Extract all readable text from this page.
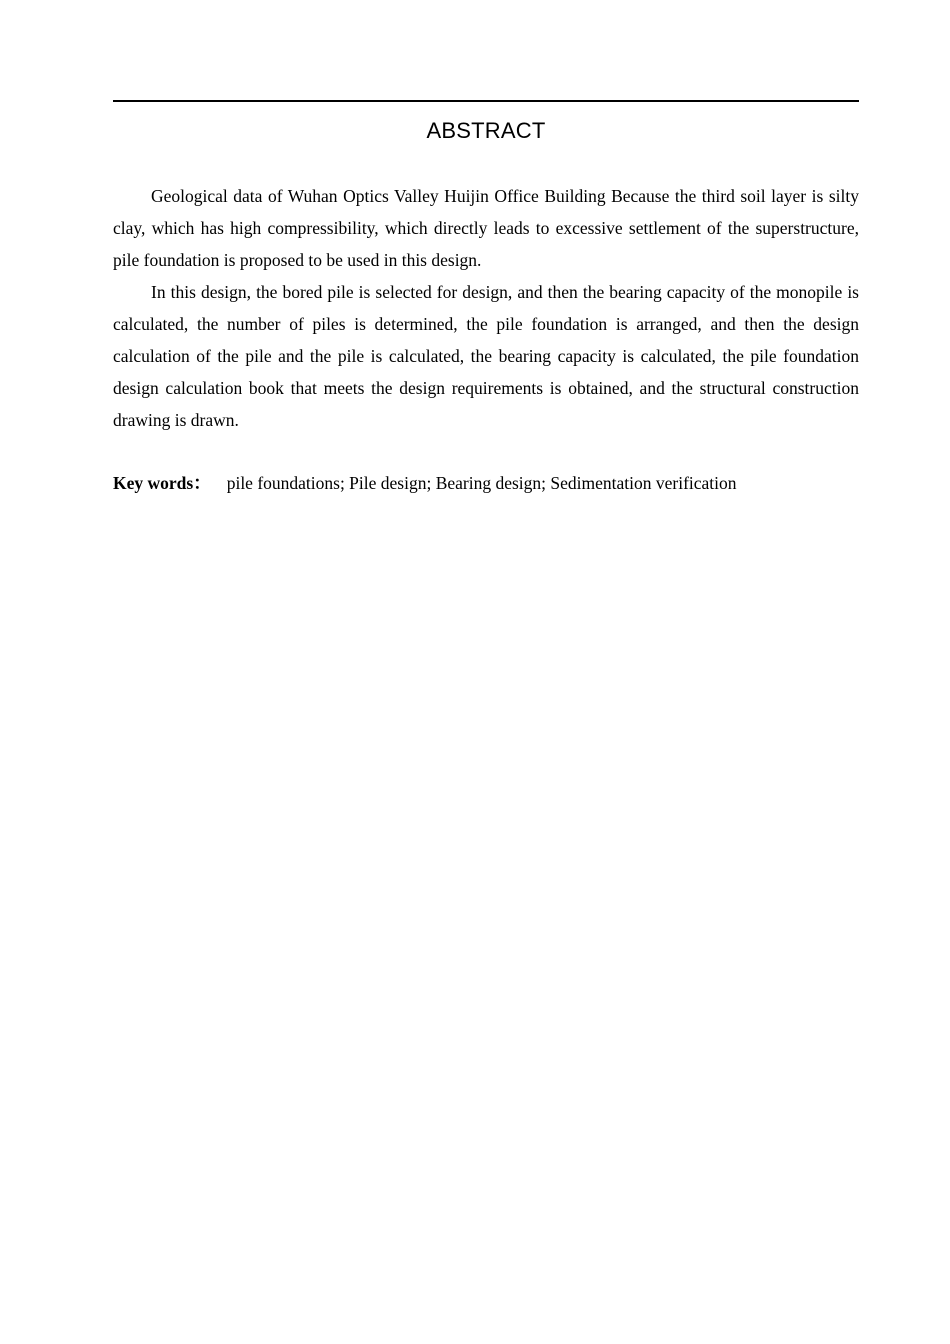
ABSTRACT

Geological data of Wuhan Optics Valley Huijin Office Building Because the third soil layer is silty clay, which has high compressibility, which directly leads to excessive settlement of the superstructure, pile foundation is proposed to be used in this design.

In this design, the bored pile is selected for design, and then the bearing capacity of the monopile is calculated, the number of piles is determined, the pile foundation is arranged, and then the design calculation of the pile and the pile is calculated, the bearing capacity is calculated, the pile foundation design calculation book that meets the design requirements is obtained, and the structural construction drawing is drawn.

Key words： pile foundations; Pile design; Bearing design; Sedimentation verification
